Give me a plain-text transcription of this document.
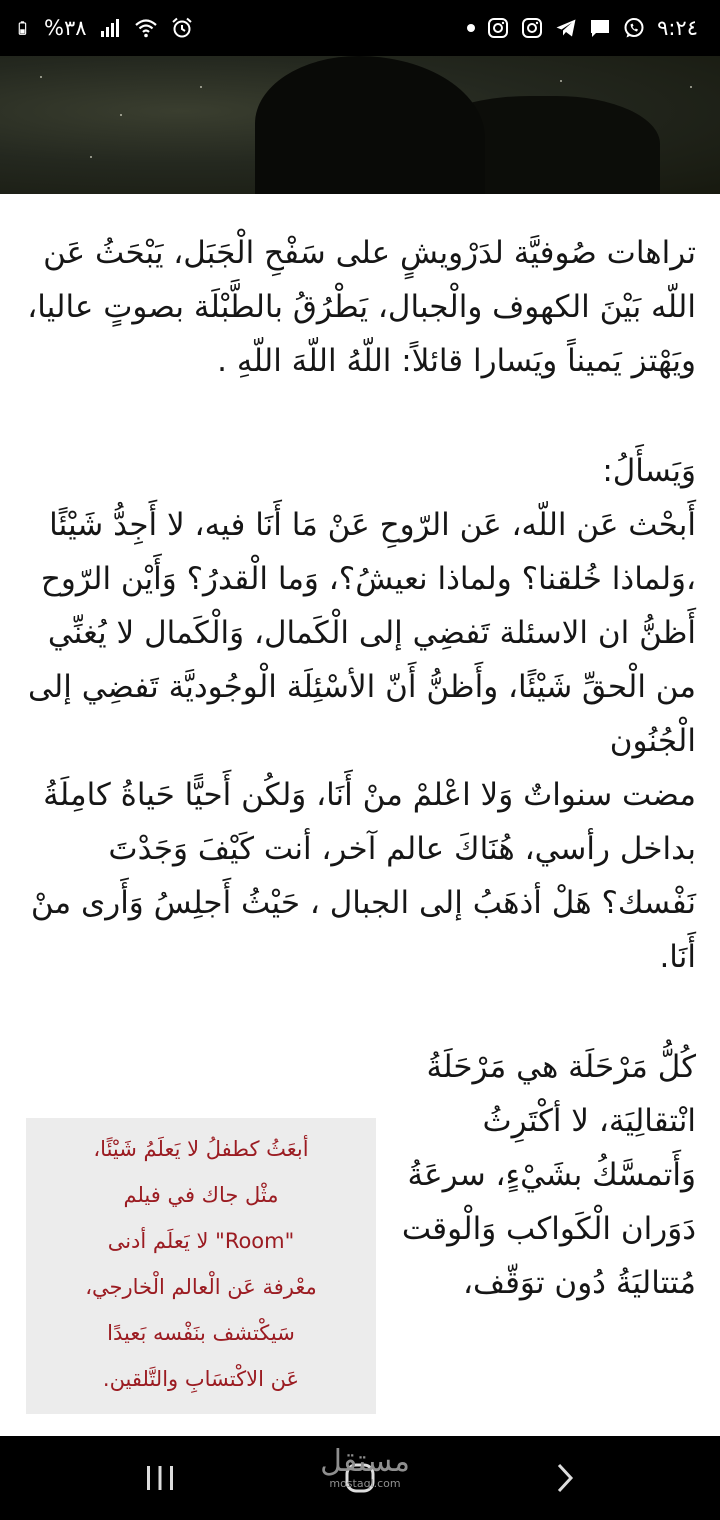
%٣٨	٩:٢٤

تراهات صُوفيَّة لدَرْويشٍ على سَفْحِ الْجَبَل، يَبْحَثُ عَن اللّه بَيْنَ الكهوف والْجبال، يَطْرُقُ بالطَّبْلَة بصوتٍ عاليا، ويَهْتز يَميناً ويَسارا قائلاً: اللّهُ اللّهَ اللّهِ .

وَيَسأَلُ:

أَبحْث عَن اللّه، عَن الرّوحِ عَنْ مَا أَنَا فيه، لا أَجِدُّ شَيْئًا ،وَلماذا خُلقنا؟ ولماذا نعيشُ؟، وَما الْقدرُ؟ وَأَيْن الرّوح أَظنُّ ان الاسئلة تَفضِي إلى الْكَمال، وَالْكَمال لا يُغنِّي من الْحقِّ شَيْئًا، وأَظنُّ أَنّ الأسْئِلَة الْوجُوديَّة تَفضِي إلى الْجُنُون

مضت سنواتٌ وَلا اعْلمْ منْ أَنَا، وَلكُن أَحيًّا حَياةُ كامِلَةُ بداخل رأسي، هُنَاكَ عالم آخر، أنت كَيْفَ وَجَدْتَ نَفْسك؟ هَلْ أذهَبُ إلى الجبال ، حَيْثُ أَجلِسُ وَأَرى منْ أَنَا.

كُلُّ مَرْحَلَة هي مَرْحَلَةُ انْتقالِيَة، لا أكْتَرِثُ وَأَتمسَّكُ بشَيْءٍ، سرعَةُ دَوَران الْكَواكب وَالْوقت مُتتاليَةُ دُون توَقّف،

أبعَثُ كطفلُ لا يَعلَمُ شَيْئًا،
مثْل جاك في فيلم
"Room" لا يَعلَم أدنى
معْرفة عَن الْعالم الْخارجي،
سَيكْتشف بنَفْسه بَعيدًا
عَن الاكْتسَابِ والتَّلقين.
مستقل
mostaql.com
